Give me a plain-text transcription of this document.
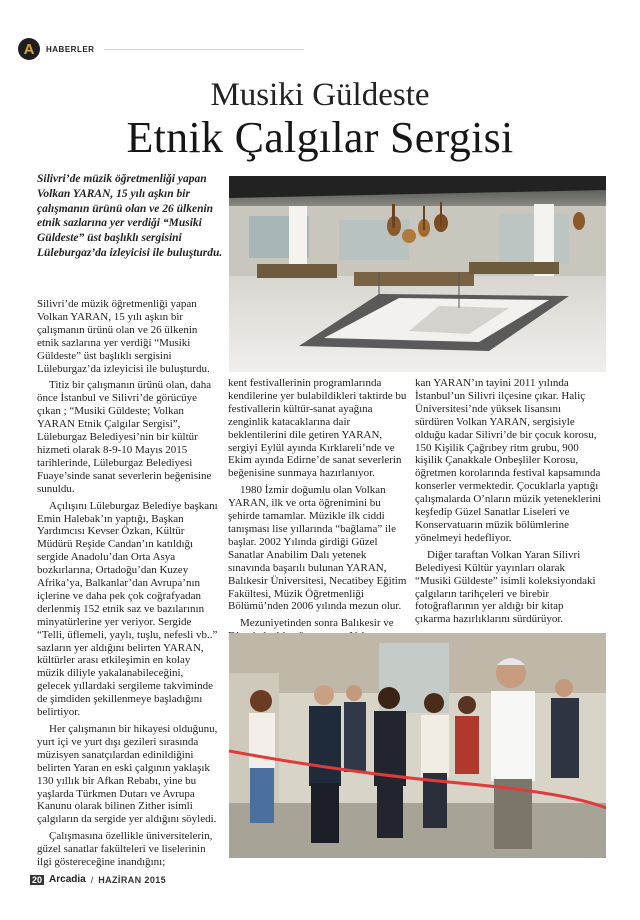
A	HABERLER
Musiki Güldeste
Etnik Çalgılar Sergisi
Silivri’de müzik öğretmenliği yapan Volkan YARAN, 15 yılı aşkın bir çalışmanın ürünü olan ve 26 ülkenin etnik sazlarına yer verdiği “Musiki Güldeste” üst başlıklı sergisini Lüleburgaz’da izleyicisi ile buluşturdu.

Silivri’de müzik öğretmenliği yapan Volkan YARAN, 15 yılı aşkın bir çalışmanın ürünü olan ve 26 ülkenin etnik sazlarına yer verdiği “Musiki Güldeste” üst başlıklı sergisini Lüleburgaz’da izleyicisi ile buluşturdu.

Titiz bir çalışmanın ürünü olan, daha önce İstanbul ve Silivri’de görücüye çıkan ; “Musiki Güldeste; Volkan YARAN Etnik Çalgılar Sergisi”, Lüleburgaz Belediyesi’nin bir kültür hizmeti olarak 8-9-10 Mayıs 2015 tarihlerinde, Lüleburgaz Belediyesi Fuaye’sinde sanat severlerin beğenisine sunuldu.

Açılışını Lüleburgaz Belediye başkanı Emin Halebak’ın yaptığı, Başkan Yardımcısı Kevser Özkan, Kültür Müdürü Reşide Candan’ın katıldığı sergide Anadolu’dan Orta Asya bozkırlarına, Ortadoğu’dan Kuzey Afrika’ya, Balkanlar’dan Avrupa’nın içlerine ve daha pek çok coğrafyadan derlenmiş 152 etnik saz ve bazılarının minyatürlerine yer veriyor. Sergide “Telli, üflemeli, yaylı, tuşlu, nefesli vb..” sazların yer aldığını belirten YARAN, kültürler arası etkileşimin en kolay müzik diliyle yakalanabileceğini, gelecek yıllardaki sergileme takviminde de şimdiden şekillenmeye başladığını belirtiyor.

Her çalışmanın bir hikayesi olduğunu, yurt içi ve yurt dışı gezileri sırasında müzisyen sanatçılardan edinildiğini belirten Yaran en eski çalgının yaklaşık 130 yıllık bir Afkan Rebabı, yine bu yaşlarda Türkmen Dutarı ve Avrupa Kanunu olarak bilinen Zither isimli çalgıların da sergide yer aldığını söyledi.

Çalışmasına özellikle üniversitelerin, güzel sanatlar fakülteleri ve liselerinin ilgi göstereceğine inandığını;

kent festivallerinin programlarında kendilerine yer bulabildikleri taktirde bu festivallerin kültür-sanat ayağına zenginlik katacaklarına dair beklentilerini dile getiren YARAN, sergiyi Eylül ayında Kırklareli’nde ve Ekim ayında Edirne’de sanat severlerin beğenisine sunmaya hazırlanıyor.

1980 İzmir doğumlu olan Volkan YARAN, ilk ve orta öğrenimini bu şehirde tamamlar. Müzikle ilk ciddi tanışması lise yıllarında “bağlama” ile başlar. 2002 Yılında girdiği Güzel Sanatlar Anabilim Dalı yetenek sınavında başarılı bulunan YARAN, Balıkesir Üniversitesi, Necatibey Eğitim Fakültesi, Müzik Öğretmenliği Bölümü’nden 2006 yılında mezun olur.

Mezuniyetinden sonra Balıkesir ve

kan YARAN’ın tayini 2011 yılında İstanbul’un Silivri ilçesine çıkar. Haliç Üniversitesi’nde yüksek lisansını sürdüren Volkan YARAN, sergisiyle olduğu kadar Silivri’de bir çocuk korosu, 150 Kişilik Çağrıbey ritm grubu, 900 kişilik Çanakkale Onbeşliler Korosu, öğretmen korolarında festival kapsamında konserler vermektedir. Çocuklarla yaptığı çalışmalarda O’nların müzik yeteneklerini keşfedip Güzel Sanatlar Liseleri ve Konservatuarın müzik bölümlerine yönelmeyi hedefliyor.

Diğer taraftan Volkan Yaran Silivri Belediyesi Kültür yayınları olarak “Musiki Güldeste” isimli koleksiyondaki çalgıların tarihçeleri ve birebir fotoğraflarının yer aldığı bir kitap çıkarma hazırlıklarını sürdürüyor.

20 Arcadia / HAZİRAN 2015
